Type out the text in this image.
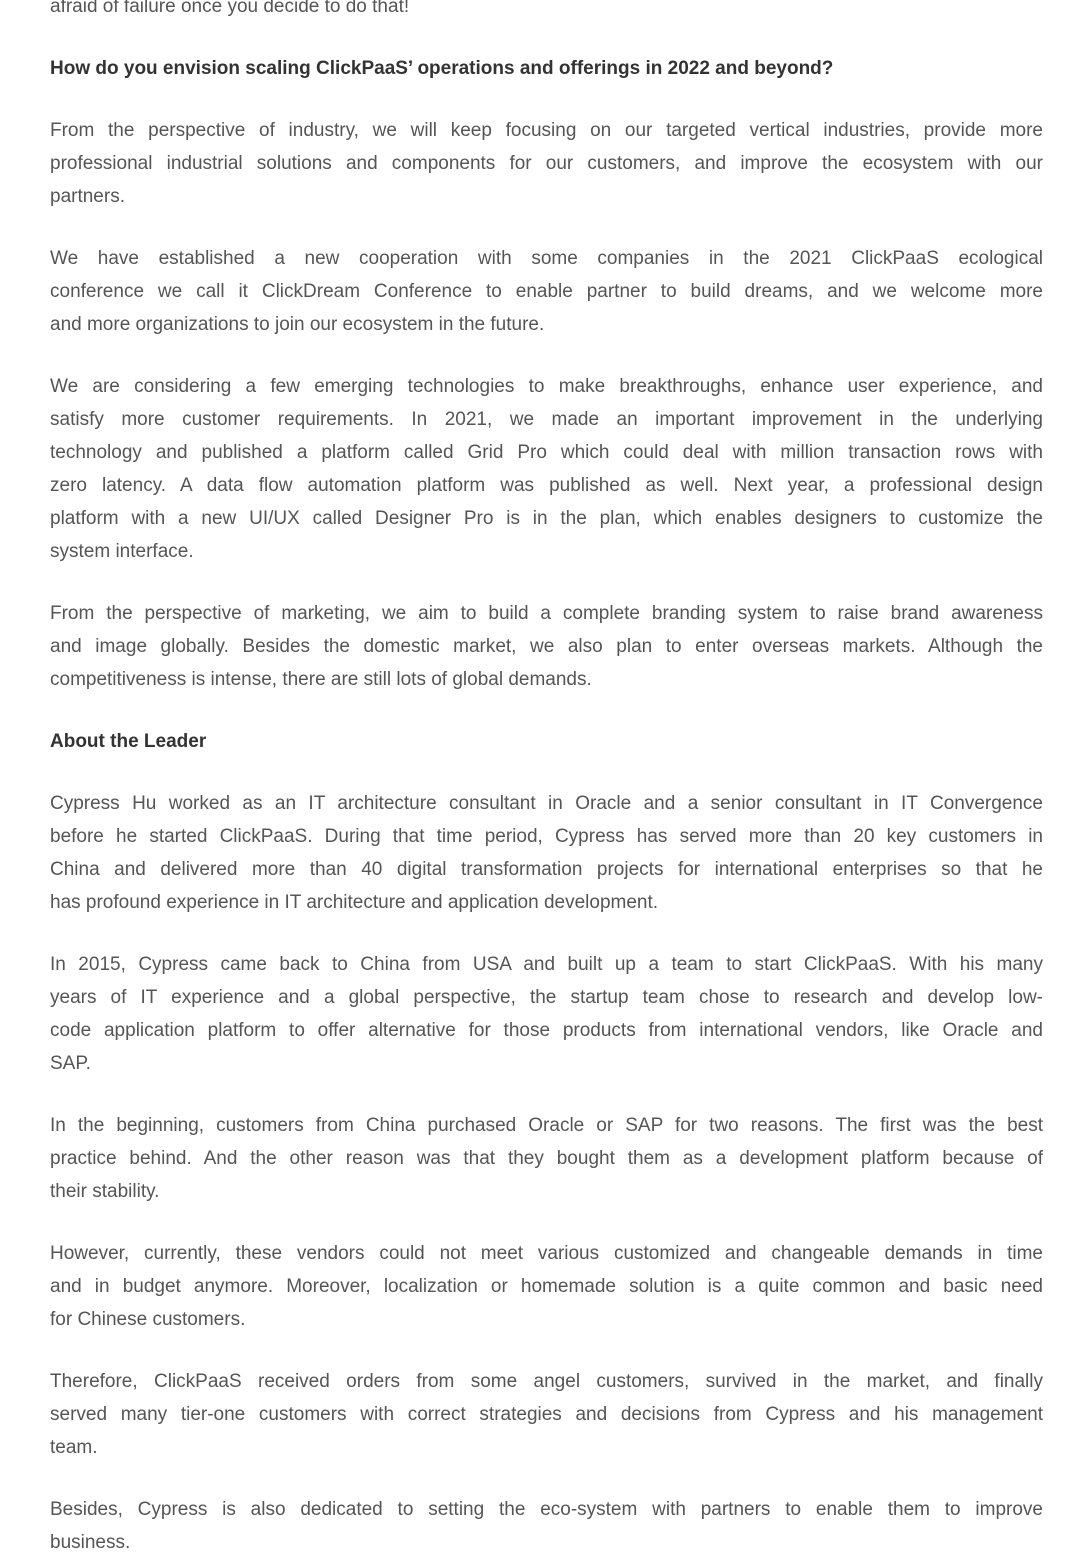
afraid of failure once you decide to do that!
How do you envision scaling ClickPaaS’ operations and offerings in 2022 and beyond?
From the perspective of industry, we will keep focusing on our targeted vertical industries, provide more
professional industrial solutions and components for our customers, and improve the ecosystem with our
partners.
We have established a new cooperation with some companies in the 2021 ClickPaaS ecological
conference we call it ClickDream Conference to enable partner to build dreams, and we welcome more
and more organizations to join our ecosystem in the future.
We are considering a few emerging technologies to make breakthroughs, enhance user experience, and
satisfy more customer requirements. In 2021, we made an important improvement in the underlying
technology and published a platform called Grid Pro which could deal with million transaction rows with
zero latency. A data flow automation platform was published as well. Next year, a professional design
platform with a new UI/UX called Designer Pro is in the plan, which enables designers to customize the
system interface.
From the perspective of marketing, we aim to build a complete branding system to raise brand awareness
and image globally. Besides the domestic market, we also plan to enter overseas markets. Although the
competitiveness is intense, there are still lots of global demands.
About the Leader
Cypress Hu worked as an IT architecture consultant in Oracle and a senior consultant in IT Convergence
before he started ClickPaaS. During that time period, Cypress has served more than 20 key customers in
China and delivered more than 40 digital transformation projects for international enterprises so that he
has profound experience in IT architecture and application development.
In 2015, Cypress came back to China from USA and built up a team to start ClickPaaS. With his many
years of IT experience and a global perspective, the startup team chose to research and develop low-
code application platform to offer alternative for those products from international vendors, like Oracle and
SAP.
In the beginning, customers from China purchased Oracle or SAP for two reasons. The first was the best
practice behind. And the other reason was that they bought them as a development platform because of
their stability.
However, currently, these vendors could not meet various customized and changeable demands in time
and in budget anymore. Moreover, localization or homemade solution is a quite common and basic need
for Chinese customers.
Therefore, ClickPaaS received orders from some angel customers, survived in the market, and finally
served many tier-one customers with correct strategies and decisions from Cypress and his management
team.
Besides, Cypress is also dedicated to setting the eco-system with partners to enable them to improve
business.
